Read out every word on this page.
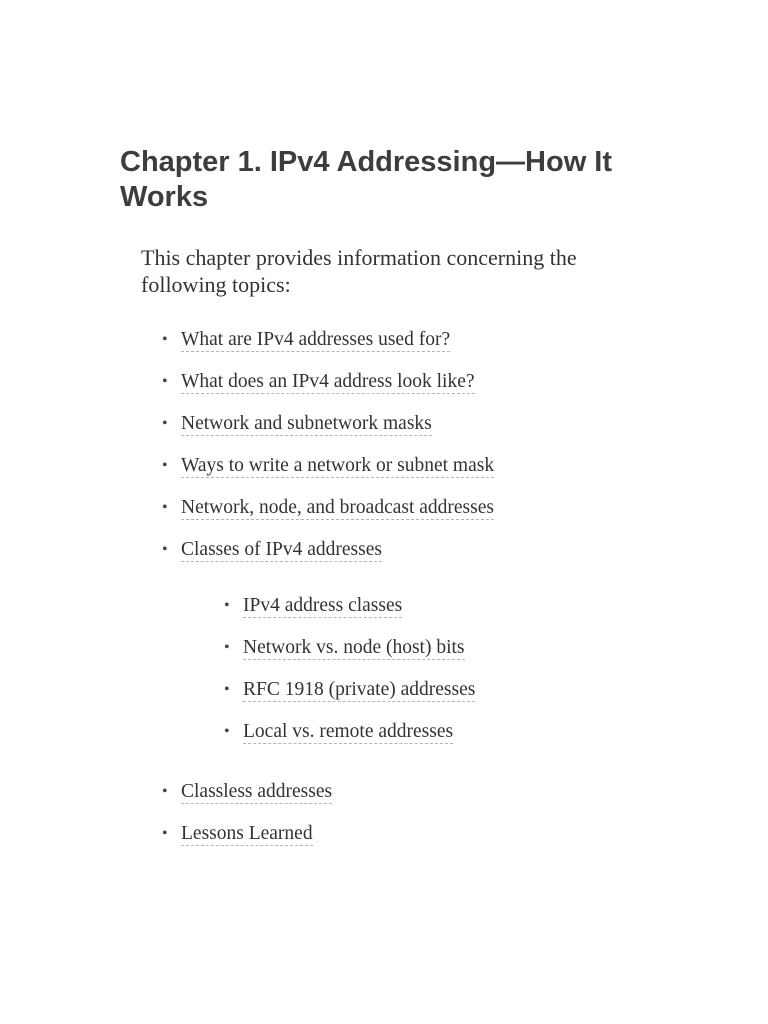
Chapter 1. IPv4 Addressing—How It Works

This chapter provides information concerning the following topics:

• What are IPv4 addresses used for?
• What does an IPv4 address look like?
• Network and subnetwork masks
• Ways to write a network or subnet mask
• Network, node, and broadcast addresses
• Classes of IPv4 addresses
• IPv4 address classes
• Network vs. node (host) bits
• RFC 1918 (private) addresses
• Local vs. remote addresses
• Classless addresses
• Lessons Learned
